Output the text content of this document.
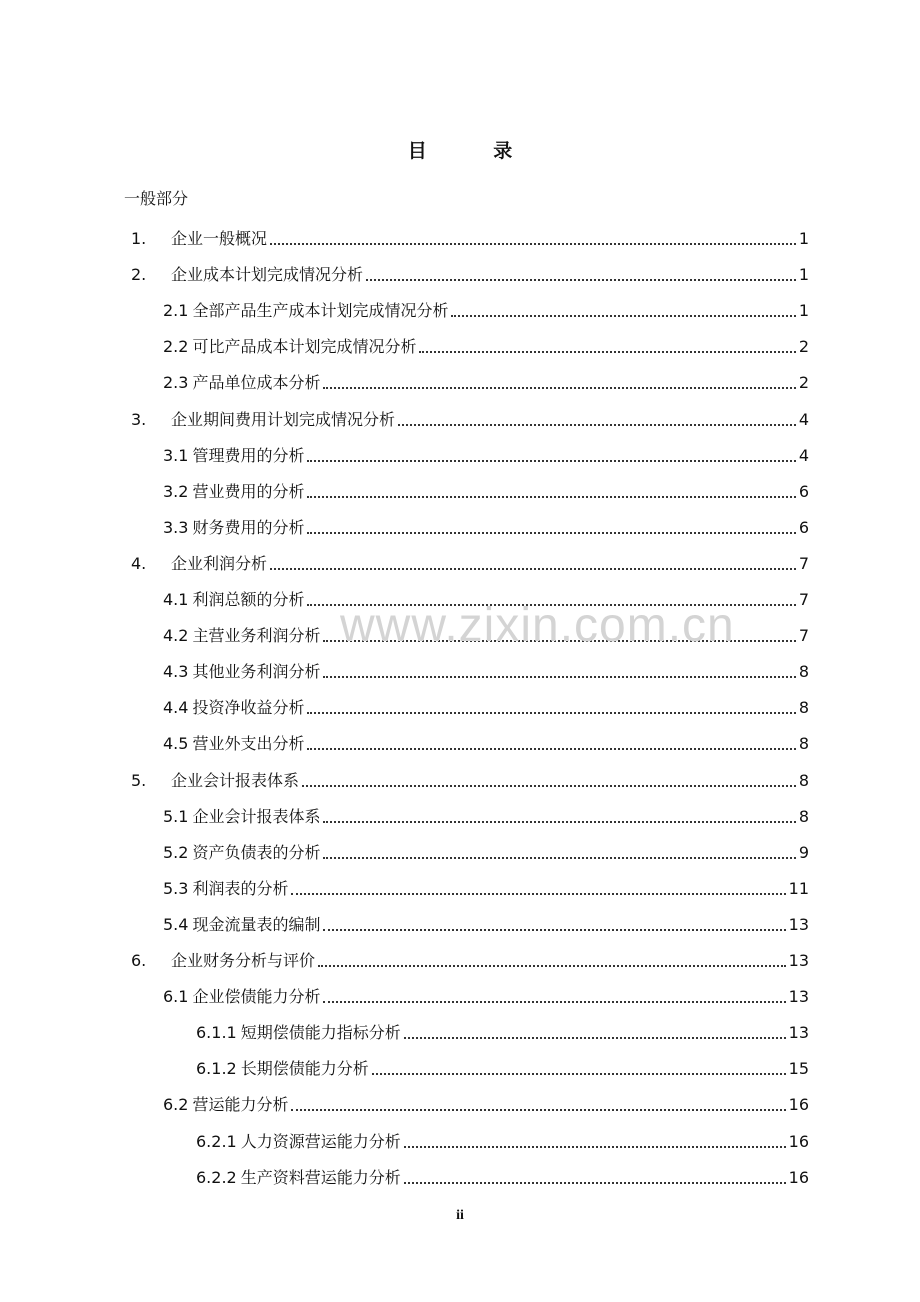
目 录
一般部分
1.	企业一般概况	1
2.	企业成本计划完成情况分析	1
2.1 全部产品生产成本计划完成情况分析	1
2.2 可比产品成本计划完成情况分析	2
2.3 产品单位成本分析	2
3.	企业期间费用计划完成情况分析	4
3.1 管理费用的分析	4
3.2 营业费用的分析	6
3.3 财务费用的分析	6
4.	企业利润分析	7
4.1 利润总额的分析	7
4.2 主营业务利润分析	7
4.3 其他业务利润分析	8
4.4 投资净收益分析	8
4.5 营业外支出分析	8
5.	企业会计报表体系	8
5.1 企业会计报表体系	8
5.2 资产负债表的分析	9
5.3 利润表的分析	11
5.4 现金流量表的编制	13
6.	企业财务分析与评价	13
6.1 企业偿债能力分析	13
6.1.1 短期偿债能力指标分析	13
6.1.2 长期偿债能力分析	15
6.2 营运能力分析	16
6.2.1 人力资源营运能力分析	16
6.2.2 生产资料营运能力分析	16
www.zixin.com.cn
ii
